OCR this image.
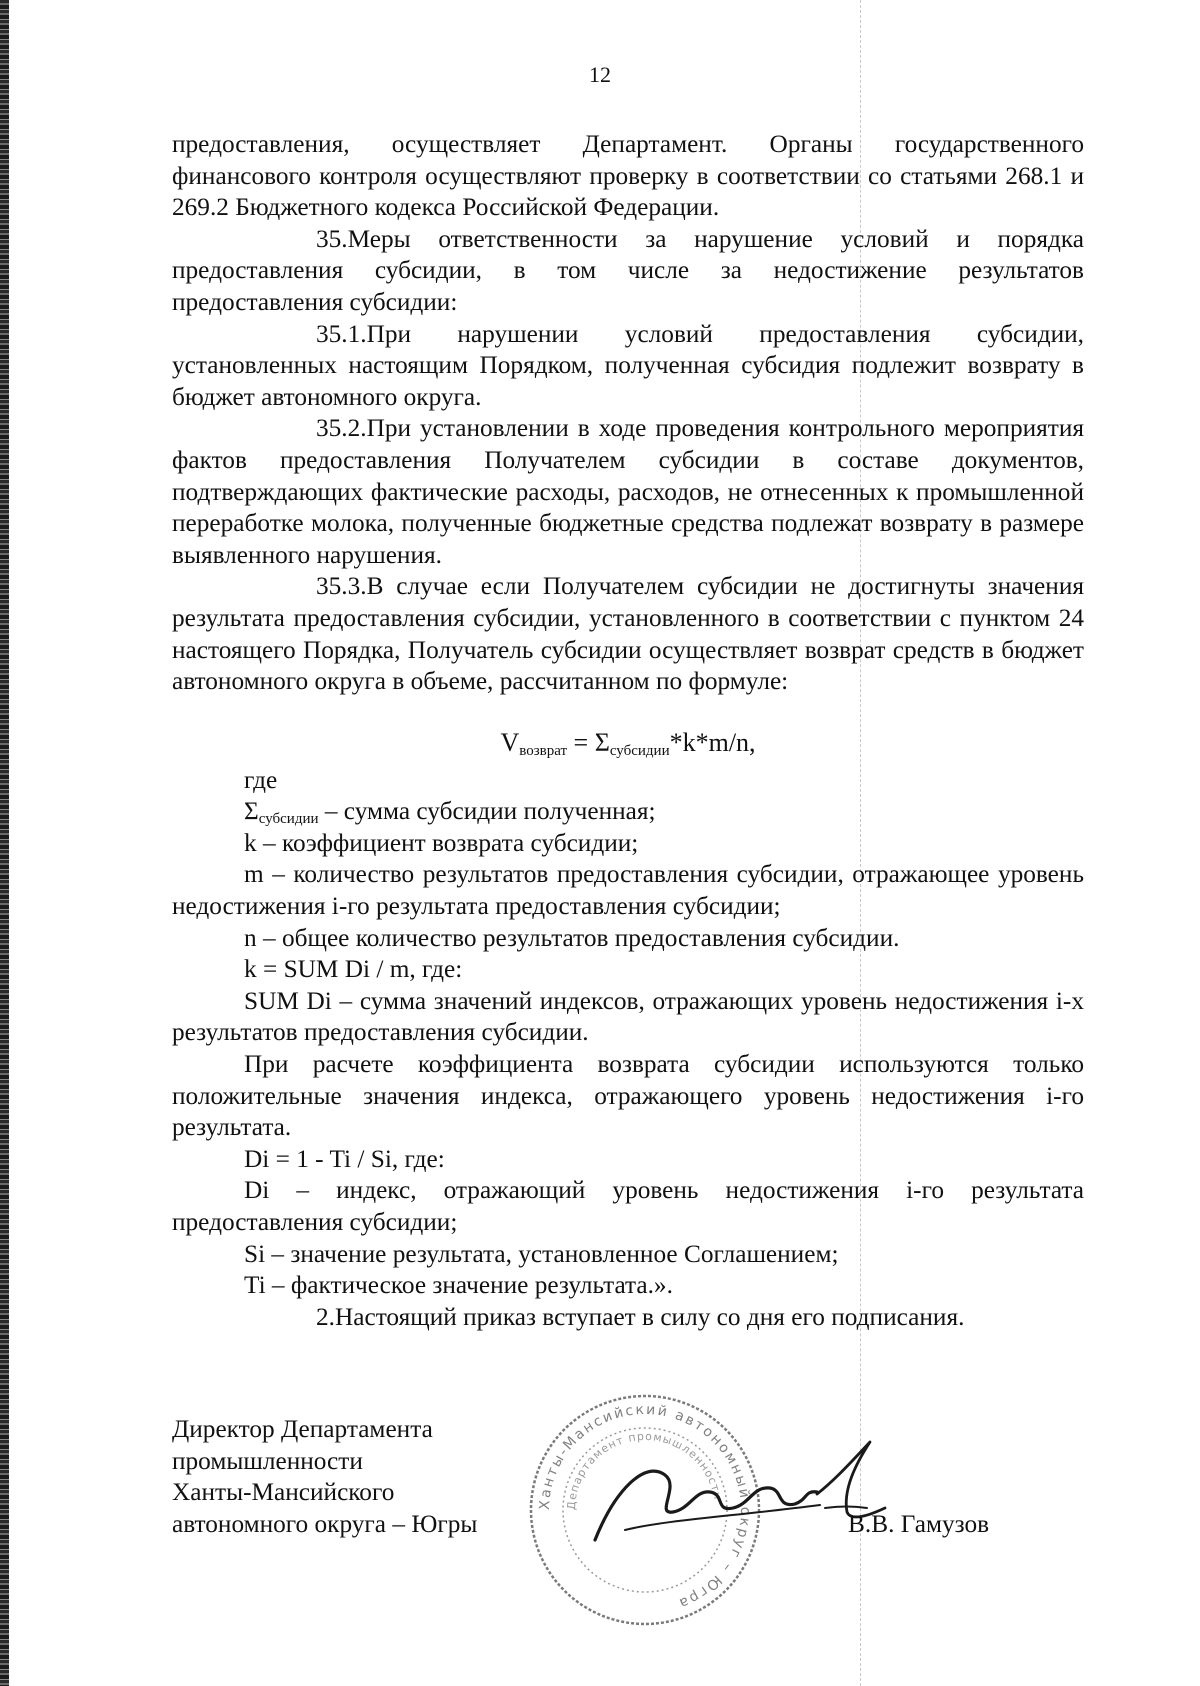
12

предоставления, осуществляет Департамент. Органы государственного финансового контроля осуществляют проверку в соответствии со статьями 268.1 и 269.2 Бюджетного кодекса Российской Федерации.

35.Меры ответственности за нарушение условий и порядка предоставления субсидии, в том числе за недостижение результатов предоставления субсидии:

35.1.При нарушении условий предоставления субсидии, установленных настоящим Порядком, полученная субсидия подлежит возврату в бюджет автономного округа.

35.2.При установлении в ходе проведения контрольного мероприятия фактов предоставления Получателем субсидии в составе документов, подтверждающих фактические расходы, расходов, не отнесенных к промышленной переработке молока, полученные бюджетные средства подлежат возврату в размере выявленного нарушения.

35.3.В случае если Получателем субсидии не достигнуты значения результата предоставления субсидии, установленного в соответствии с пунктом 24 настоящего Порядка, Получатель субсидии осуществляет возврат средств в бюджет автономного округа в объеме, рассчитанном по формуле:

$V_{возврат} = \Sigma_{субсидии}*k*m/n$,

где

$\Sigma_{субсидии}$ – сумма субсидии полученная;

k – коэффициент возврата субсидии;

m – количество результатов предоставления субсидии, отражающее уровень недостижения i-го результата предоставления субсидии;

n – общее количество результатов предоставления субсидии.

k = SUM Di / m, где:

SUM Di – сумма значений индексов, отражающих уровень недостижения i-х результатов предоставления субсидии.

При расчете коэффициента возврата субсидии используются только положительные значения индекса, отражающего уровень недостижения i-го результата.

Di = 1 - Ti / Si, где:

Di – индекс, отражающий уровень недостижения i-го результата предоставления субсидии;

Si – значение результата, установленное Соглашением;

Ti – фактическое значение результата.».

2.Настоящий приказ вступает в силу со дня его подписания.

Директор Департамента
промышленности
Ханты-Мансийского
автономного округа – Югры
Ханты-Мансийский автономный округ – Югра
Департамент промышленности
В.В. Гамузов
